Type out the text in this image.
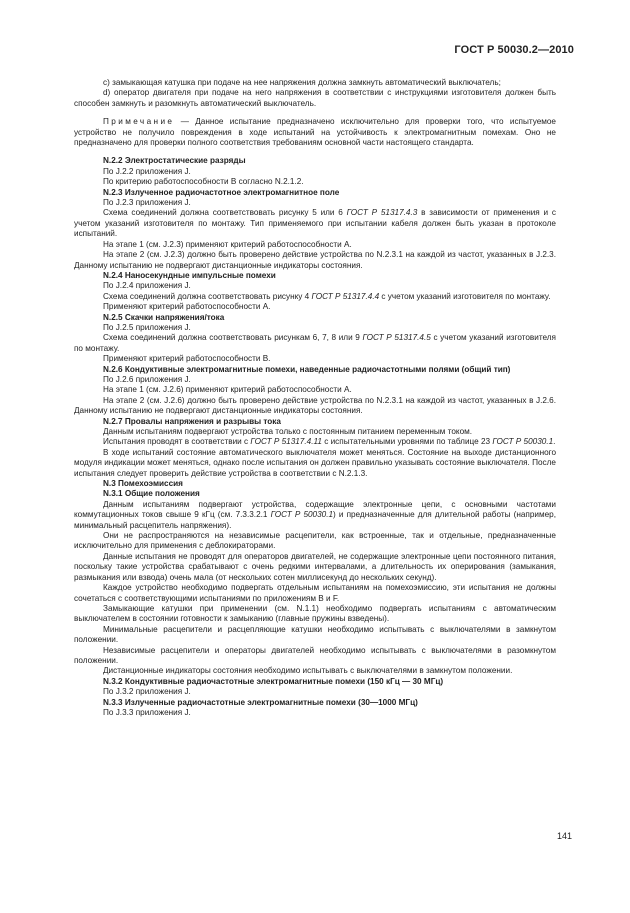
ГОСТ Р 50030.2—2010

c) замыкающая катушка при подаче на нее напряжения должна замкнуть автоматический выключатель;

d) оператор двигателя при подаче на него напряжения в соответствии с инструкциями изготовителя должен быть способен замкнуть и разомкнуть автоматический выключатель.

Примечание — Данное испытание предназначено исключительно для проверки того, что испытуемое устройство не получило повреждения в ходе испытаний на устойчивость к электромагнитным помехам. Оно не предназначено для проверки полного соответствия требованиям основной части настоящего стандарта.

N.2.2 Электростатические разряды

По J.2.2 приложения J.

По критерию работоспособности В согласно N.2.1.2.

N.2.3 Излученное радиочастотное электромагнитное поле

По J.2.3 приложения J.

Схема соединений должна соответствовать рисунку 5 или 6 ГОСТ Р 51317.4.3 в зависимости от применения и с учетом указаний изготовителя по монтажу. Тип применяемого при испытании кабеля должен быть указан в протоколе испытаний.

На этапе 1 (см. J.2.3) применяют критерий работоспособности А.

На этапе 2 (см. J.2.3) должно быть проверено действие устройства по N.2.3.1 на каждой из частот, указанных в J.2.3. Данному испытанию не подвергают дистанционные индикаторы состояния.

N.2.4 Наносекундные импульсные помехи

По J.2.4 приложения J.

Схема соединений должна соответствовать рисунку 4 ГОСТ Р 51317.4.4 с учетом указаний изготовителя по монтажу.

Применяют критерий работоспособности А.

N.2.5 Скачки напряжения/тока

По J.2.5 приложения J.

Схема соединений должна соответствовать рисункам 6, 7, 8 или 9 ГОСТ Р 51317.4.5 с учетом указаний изготовителя по монтажу.

Применяют критерий работоспособности В.

N.2.6 Кондуктивные электромагнитные помехи, наведенные радиочастотными полями (общий тип)

По J.2.6 приложения J.

На этапе 1 (см. J.2.6) применяют критерий работоспособности А.

На этапе 2 (см. J.2.6) должно быть проверено действие устройства по N.2.3.1 на каждой из частот, указанных в J.2.6. Данному испытанию не подвергают дистанционные индикаторы состояния.

N.2.7 Провалы напряжения и разрывы тока

Данным испытаниям подвергают устройства только с постоянным питанием переменным током.

Испытания проводят в соответствии с ГОСТ Р 51317.4.11 с испытательными уровнями по таблице 23 ГОСТ Р 50030.1.

В ходе испытаний состояние автоматического выключателя может меняться. Состояние на выходе дистанционного модуля индикации может меняться, однако после испытания он должен правильно указывать состояние выключателя. После испытания следует проверить действие устройства в соответствии с N.2.1.3.

N.3 Помехоэмиссия

N.3.1 Общие положения

Данным испытаниям подвергают устройства, содержащие электронные цепи, с основными частотами коммутационных токов свыше 9 кГц (см. 7.3.3.2.1 ГОСТ Р 50030.1) и предназначенные для длительной работы (например, минимальный расцепитель напряжения).

Они не распространяются на независимые расцепители, как встроенные, так и отдельные, предназначенные исключительно для применения с деблокираторами.

Данные испытания не проводят для операторов двигателей, не содержащие электронные цепи постоянного питания, поскольку такие устройства срабатывают с очень редкими интервалами, а длительность их оперирования (замыкания, размыкания или взвода) очень мала (от нескольких сотен миллисекунд до нескольких секунд).

Каждое устройство необходимо подвергать отдельным испытаниям на помехоэмиссию, эти испытания не должны сочетаться с соответствующими испытаниями по приложениям В и F.

Замыкающие катушки при применении (см. N.1.1) необходимо подвергать испытаниям с автоматическим выключателем в состоянии готовности к замыканию (главные пружины взведены).

Минимальные расцепители и расцепляющие катушки необходимо испытывать с выключателями в замкнутом положении.

Независимые расцепители и операторы двигателей необходимо испытывать с выключателями в разомкнутом положении.

Дистанционные индикаторы состояния необходимо испытывать с выключателями в замкнутом положении.

N.3.2 Кондуктивные радиочастотные электромагнитные помехи (150 кГц — 30 МГц)

По J.3.2 приложения J.

N.3.3 Излученные радиочастотные электромагнитные помехи (30—1000 МГц)

По J.3.3 приложения J.

141
